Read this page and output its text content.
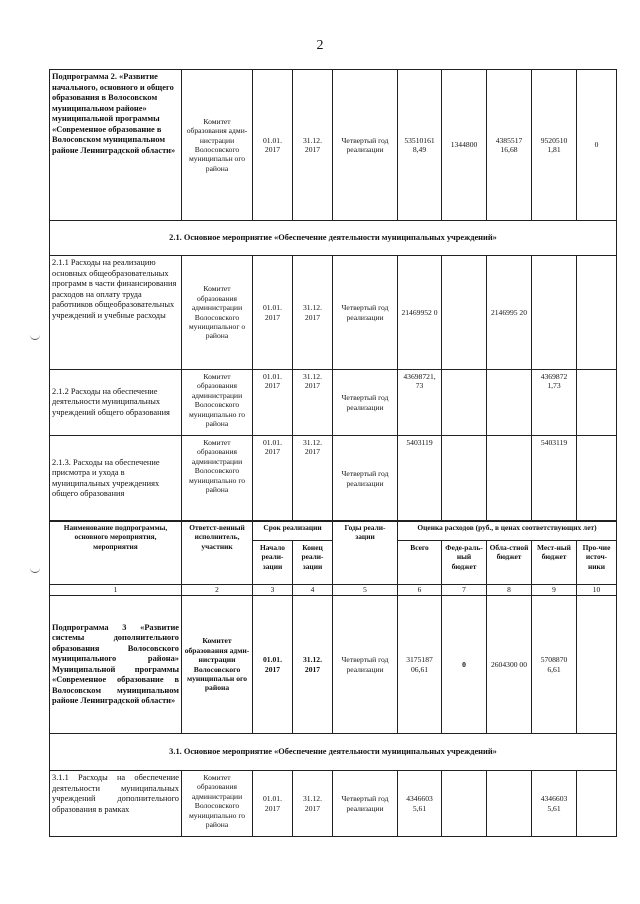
2
Подпрограмма 2. «Развитие начального, основного и общего образования в Волосовском муниципальном районе» муниципальной программы «Современное образование в Волосовском муниципальном районе Ленинградской области»	Комитет образования адми-нистрации Волосовского муниципальн ого района	01.01. 2017	31.12. 2017	Четвертый год реализации	53510161 8,49	1344800	4385517 16,68	9520510 1,81	0
2.1. Основное мероприятие «Обеспечение деятельности муниципальных учреждений»									
2.1.1 Расходы на реализацию основных общеобразовательных программ в части финансирования расходов на оплату труда работников общеобразовательных учреждений и учебные расходы	Комитет образования администрации Волосовского муниципальног о района	01.01. 2017	31.12. 2017	Четвертый год реализации	21469952 0		2146995 20		
2.1.2 Расходы на обеспечение деятельности муниципальных учреждений общего образования	Комитет образования администрации Волосовского муниципально го района	01.01. 2017	31.12. 2017	Четвертый год реализации	43698721, 73			4369872 1,73	
2.1.3. Расходы на обеспечение присмотра и ухода в муниципальных учреждениях общего образования	Комитет образования администрации Волосовского муниципально го района	01.01. 2017	31.12. 2017	Четвертый год реализации	5403119			5403119	
Наименование подпрограммы, основного мероприятия, мероприятия	Ответст-венный исполнитель, участник	Срок реализации		Годы реали-зации	Оценка расходов (руб., в ценах соответствующих лет)				
		Начало реали-зации	Конец реали-зации		Всего	Феде-раль-ный бюджет	Обла-стной бюджет	Мест-ный бюджет	Про-чие источ-ники
1	2	3	4	5	6	7	8	9	10
Подпрограмма 3 «Развитие системы дополнительного образования Волосовского муниципального района» Муниципальной программы «Современное образование в Волосовском муниципальном районе Ленинградской области»	Комитет образования адми-нистрации Волосовского муниципальн ого района	01.01. 2017	31.12. 2017	Четвертый год реализации	3175187 06,61	0	2604300 00	5708870 6,61	
3.1. Основное мероприятие «Обеспечение деятельности муниципальных учреждений»									
3.1.1 Расходы на обеспечение деятельности муниципальных учреждений дополнительного образования в рамках	Комитет образования администрации Волосовского муниципально го района	01.01. 2017	31.12. 2017	Четвертый год реализации	4346603 5,61			4346603 5,61	
